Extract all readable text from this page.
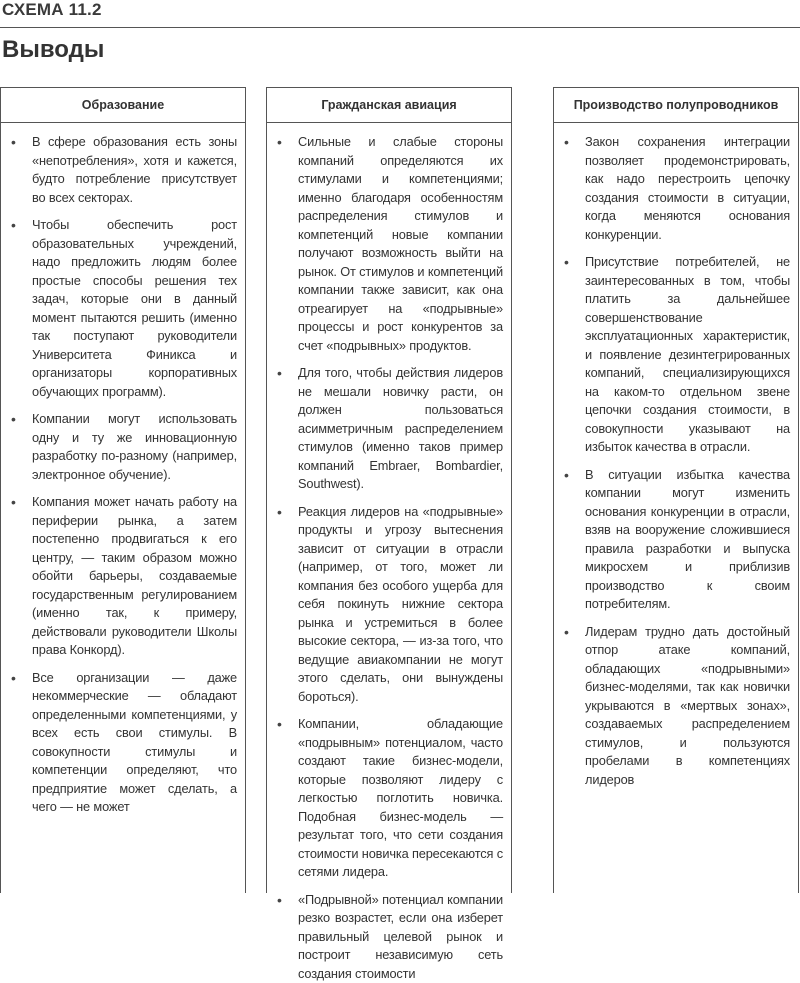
СХЕМА 11.2
Выводы
Образование
•	В сфере образования есть зоны «непотребления», хотя и кажется, будто потребление присутствует во всех секторах.
•	Чтобы обеспечить рост образовательных учреждений, надо предложить людям более простые способы решения тех задач, которые они в данный момент пытаются решить (именно так поступают руководители Университета Финикса и организаторы корпоративных обучающих программ).
•	Компании могут использовать одну и ту же инновационную разработку по-разному (например, электронное обучение).
•	Компания может начать работу на периферии рынка, а затем постепенно продвигаться к его центру, — таким образом можно обойти барьеры, создаваемые государственным регулированием (именно так, к примеру, действовали руководители Школы права Конкорд).
•	Все организации — даже некоммерческие — обладают определенными компетенциями, у всех есть свои стимулы. В совокупности стимулы и компетенции определяют, что предприятие может сделать, а чего — не может
Гражданская авиация
•	Сильные и слабые стороны компаний определяются их стимулами и компетенциями; именно благодаря особенностям распределения стимулов и компетенций новые компании получают возможность выйти на рынок. От стимулов и компетенций компании также зависит, как она отреагирует на «подрывные» процессы и рост конкурентов за счет «подрывных» продуктов.
•	Для того, чтобы действия лидеров не мешали новичку расти, он должен пользоваться асимметричным распределением стимулов (именно таков пример компаний Embraer, Bombardier, Southwest).
•	Реакция лидеров на «подрывные» продукты и угрозу вытеснения зависит от ситуации в отрасли (например, от того, может ли компания без особого ущерба для себя покинуть нижние сектора рынка и устремиться в более высокие сектора, — из-за того, что ведущие авиакомпании не могут этого сделать, они вынуждены бороться).
•	Компании, обладающие «подрывным» потенциалом, часто создают такие бизнес-модели, которые позволяют лидеру с легкостью поглотить новичка. Подобная бизнес-модель — результат того, что сети создания стоимости новичка пересекаются с сетями лидера.
•	«Подрывной» потенциал компании резко возрастет, если она изберет правильный целевой рынок и построит независимую сеть создания стоимости
Производство полупроводников
•	Закон сохранения интеграции позволяет продемонстрировать, как надо перестроить цепочку создания стоимости в ситуации, когда меняются основания конкуренции.
•	Присутствие потребителей, не заинтересованных в том, чтобы платить за дальнейшее совершенствование эксплуатационных характеристик, и появление дезинтегрированных компаний, специализирующихся на каком-то отдельном звене цепочки создания стоимости, в совокупности указывают на избыток качества в отрасли.
•	В ситуации избытка качества компании могут изменить основания конкуренции в отрасли, взяв на вооружение сложившиеся правила разработки и выпуска микросхем и приблизив производство к своим потребителям.
•	Лидерам трудно дать достойный отпор атаке компаний, обладающих «подрывными» бизнес-моделями, так как новички укрываются в «мертвых зонах», создаваемых распределением стимулов, и пользуются пробелами в компетенциях лидеров
